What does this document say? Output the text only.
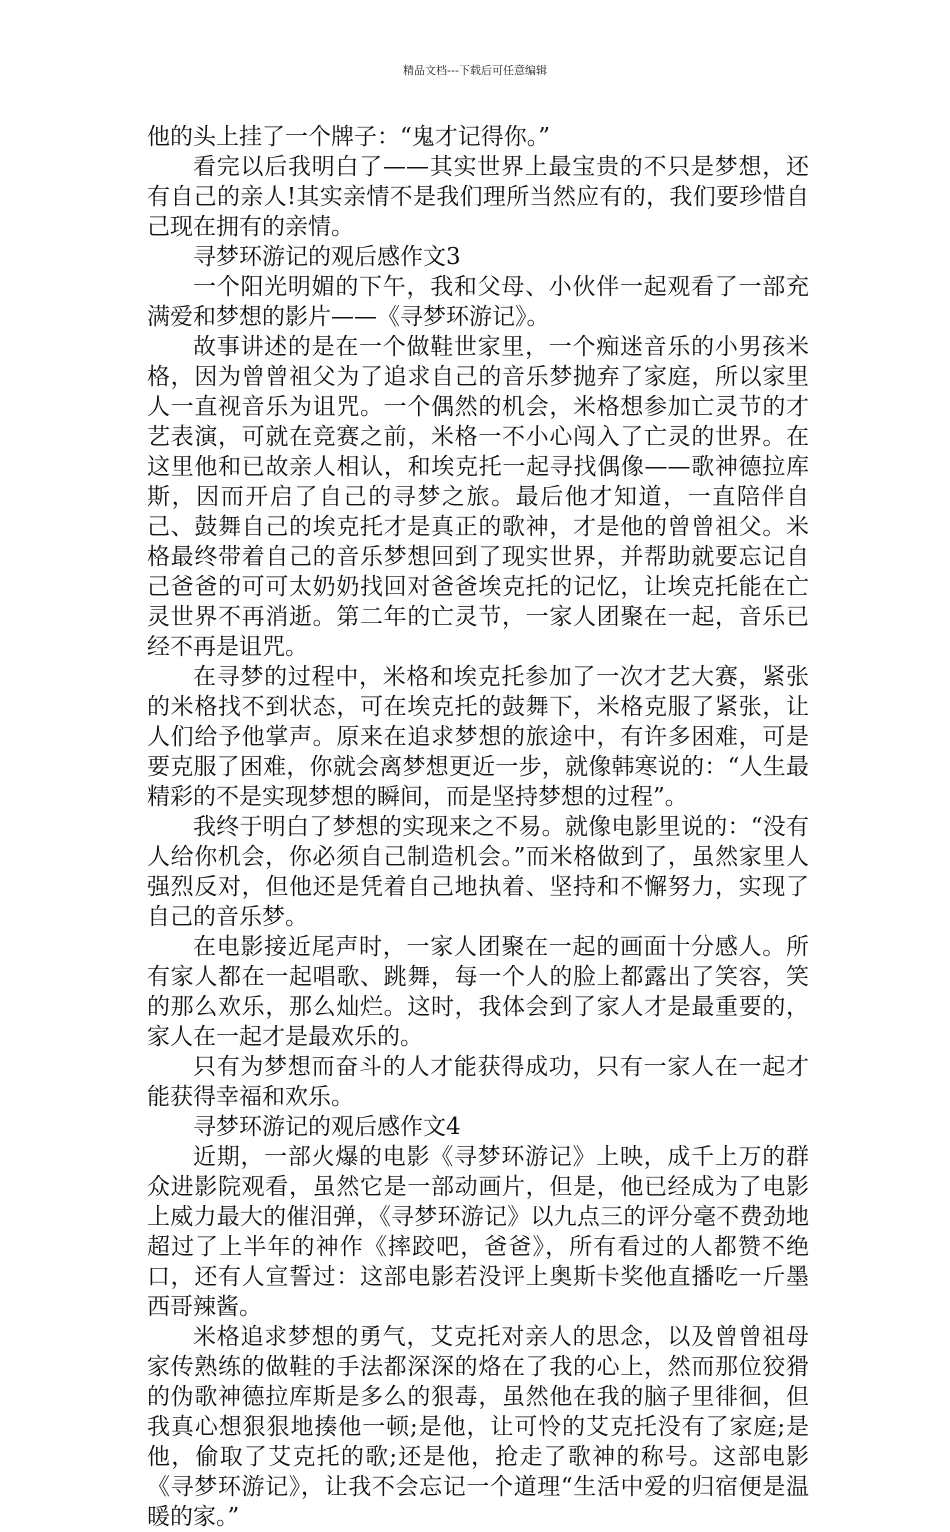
精品文档---下载后可任意编辑

他的头上挂了一个牌子：“鬼才记得你。”

看完以后我明白了——其实世界上最宝贵的不只是梦想，还有自己的亲人!其实亲情不是我们理所当然应有的，我们要珍惜自己现在拥有的亲情。

寻梦环游记的观后感作文3

一个阳光明媚的下午，我和父母、小伙伴一起观看了一部充满爱和梦想的影片——《寻梦环游记》。

故事讲述的是在一个做鞋世家里，一个痴迷音乐的小男孩米格，因为曾曾祖父为了追求自己的音乐梦抛弃了家庭，所以家里人一直视音乐为诅咒。一个偶然的机会，米格想参加亡灵节的才艺表演，可就在竞赛之前，米格一不小心闯入了亡灵的世界。在这里他和已故亲人相认，和埃克托一起寻找偶像——歌神德拉库斯，因而开启了自己的寻梦之旅。最后他才知道，一直陪伴自己、鼓舞自己的埃克托才是真正的歌神，才是他的曾曾祖父。米格最终带着自己的音乐梦想回到了现实世界，并帮助就要忘记自己爸爸的可可太奶奶找回对爸爸埃克托的记忆，让埃克托能在亡灵世界不再消逝。第二年的亡灵节，一家人团聚在一起，音乐已经不再是诅咒。

在寻梦的过程中，米格和埃克托参加了一次才艺大赛，紧张的米格找不到状态，可在埃克托的鼓舞下，米格克服了紧张，让人们给予他掌声。原来在追求梦想的旅途中，有许多困难，可是要克服了困难，你就会离梦想更近一步，就像韩寒说的：“人生最精彩的不是实现梦想的瞬间，而是坚持梦想的过程”。

我终于明白了梦想的实现来之不易。就像电影里说的：“没有人给你机会，你必须自己制造机会。”而米格做到了，虽然家里人强烈反对，但他还是凭着自己地执着、坚持和不懈努力，实现了自己的音乐梦。

在电影接近尾声时，一家人团聚在一起的画面十分感人。所有家人都在一起唱歌、跳舞，每一个人的脸上都露出了笑容，笑的那么欢乐，那么灿烂。这时，我体会到了家人才是最重要的，家人在一起才是最欢乐的。

只有为梦想而奋斗的人才能获得成功，只有一家人在一起才能获得幸福和欢乐。

寻梦环游记的观后感作文4

近期，一部火爆的电影《寻梦环游记》上映，成千上万的群众进影院观看，虽然它是一部动画片，但是，他已经成为了电影上威力最大的催泪弹，《寻梦环游记》以九点三的评分毫不费劲地超过了上半年的神作《摔跤吧，爸爸》，所有看过的人都赞不绝口，还有人宣誓过：这部电影若没评上奥斯卡奖他直播吃一斤墨西哥辣酱。

米格追求梦想的勇气，艾克托对亲人的思念，以及曾曾祖母家传熟练的做鞋的手法都深深的烙在了我的心上，然而那位狡猾的伪歌神德拉库斯是多么的狠毒，虽然他在我的脑子里徘徊，但我真心想狠狠地揍他一顿;是他，让可怜的艾克托没有了家庭;是他，偷取了艾克托的歌;还是他，抢走了歌神的称号。这部电影《寻梦环游记》，让我不会忘记一个道理“生活中爱的归宿便是温暖的家。”
